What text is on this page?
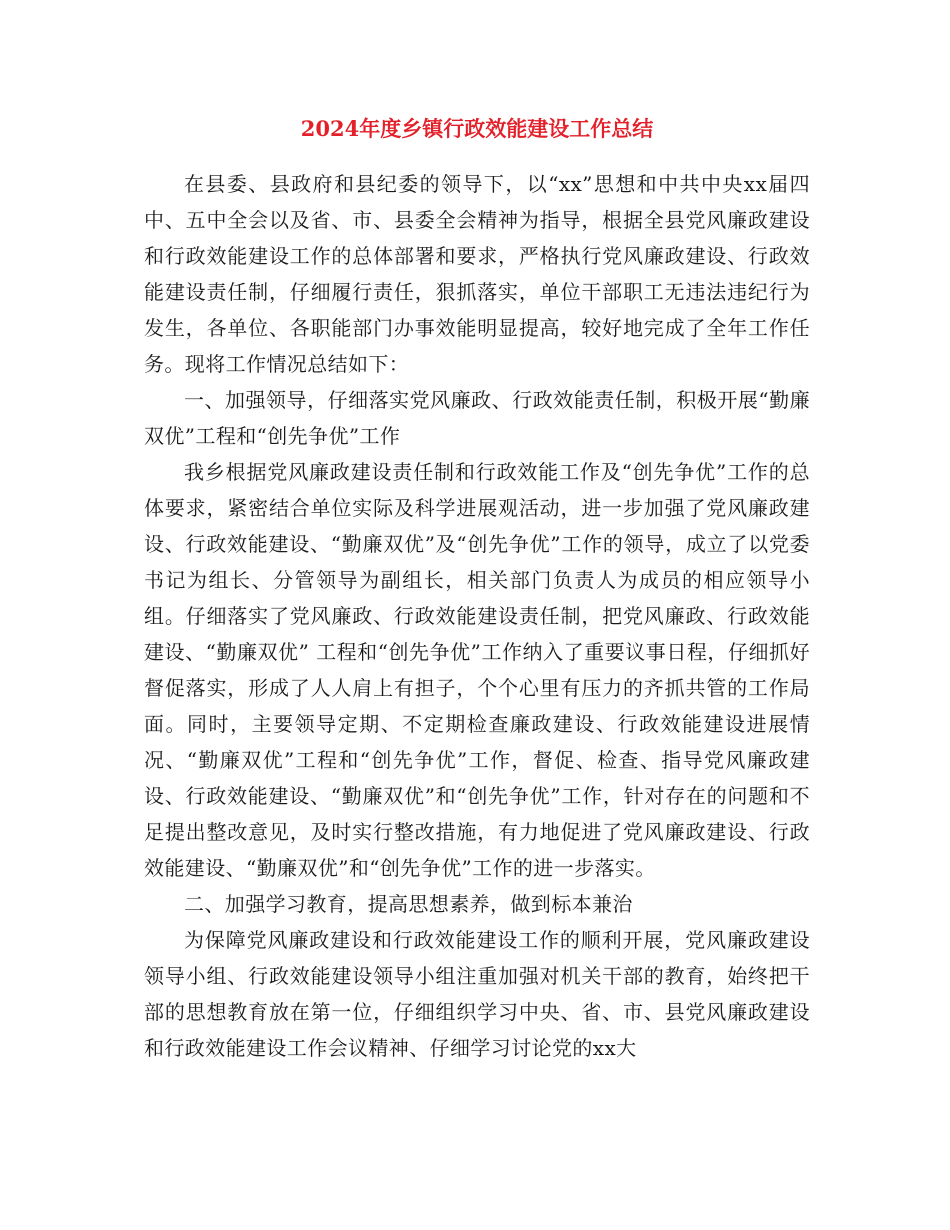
2024年度乡镇行政效能建设工作总结

在县委、县政府和县纪委的领导下，以“xx”思想和中共中央xx届四中、五中全会以及省、市、县委全会精神为指导，根据全县党风廉政建设和行政效能建设工作的总体部署和要求，严格执行党风廉政建设、行政效能建设责任制，仔细履行责任，狠抓落实，单位干部职工无违法违纪行为发生，各单位、各职能部门办事效能明显提高，较好地完成了全年工作任务。现将工作情况总结如下：

一、加强领导，仔细落实党风廉政、行政效能责任制，积极开展“勤廉双优”工程和“创先争优”工作

我乡根据党风廉政建设责任制和行政效能工作及“创先争优”工作的总体要求，紧密结合单位实际及科学进展观活动，进一步加强了党风廉政建设、行政效能建设、“勤廉双优”及“创先争优”工作的领导，成立了以党委书记为组长、分管领导为副组长，相关部门负责人为成员的相应领导小组。仔细落实了党风廉政、行政效能建设责任制，把党风廉政、行政效能建设、“勤廉双优” 工程和“创先争优”工作纳入了重要议事日程，仔细抓好督促落实，形成了人人肩上有担子，个个心里有压力的齐抓共管的工作局面。同时，主要领导定期、不定期检查廉政建设、行政效能建设进展情况、“勤廉双优”工程和“创先争优”工作，督促、检查、指导党风廉政建设、行政效能建设、“勤廉双优”和“创先争优”工作，针对存在的问题和不足提出整改意见，及时实行整改措施，有力地促进了党风廉政建设、行政效能建设、“勤廉双优”和“创先争优”工作的进一步落实。

二、加强学习教育，提高思想素养，做到标本兼治

为保障党风廉政建设和行政效能建设工作的顺利开展，党风廉政建设领导小组、行政效能建设领导小组注重加强对机关干部的教育，始终把干部的思想教育放在第一位，仔细组织学习中央、省、市、县党风廉政建设和行政效能建设工作会议精神、仔细学习讨论党的xx大
